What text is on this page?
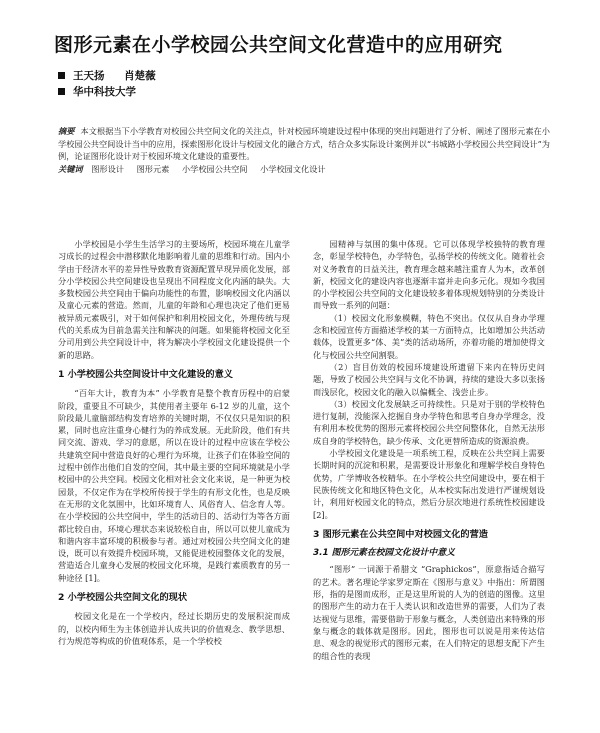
图形元素在小学校园公共空间文化营造中的应用研究
王天扬 肖楚薇
华中科技大学
摘要 本文根据当下小学教育对校园公共空间文化的关注点，针对校园环境建设过程中体现的突出问题进行了分析、阐述了图形元素在小学校园公共空间设计当中的应用，探索图形化设计与校园文化的融合方式，结合众多实际设计案例并以“书城路小学校园公共空间设计”为例，论证图形化设计对于校园环境文化建设的重要性。
关键词 图形设计 图形元素 小学校园公共空间 小学校园文化设计

小学校园是小学生生活学习的主要场所，校园环境在儿童学习成长的过程会中潜移默化地影响着儿童的思维和行动。国内小学由于经济水平的差异性导致教育资源配置早现异质化发展，部分小学校园公共空间建设也呈现出不同程度文化内涵的缺失。大多数校园公共空间由于偏向功能性的布置，影响校园文化内涵以及童心元素的营造。然而，儿童的年龄和心理也决定了他们更易被异质元素吸引，对于如何保护和利用校园文化，外理传统与现代的关系成为目前急需关注和解决的问题。如果能将校园文化至分司用到公共空间设计中，将为解决小学校园文化建设提供一个新的思路。

1 小学校园公共空间设计中文化建设的意义

“百年大计，教育为本” 小学教育是整个教育历程中的启蒙阶段，重要且不可缺少，其使用者主要年 6-12 岁的儿童，这个阶段最儿童脑部结构发育培养的关键时期，不仅仅只是知识的积累，同时也应注重身心健行为的养成发展。无此阶段，他们有共同交流、游戏、学习的意愿，所以在设计的过程中应该在学校公共建筑空间中营造良好的心理行为环境，让孩子们在体验空间的过程中创作出他们自发的空间，其中最主要的空间环境就是小学校园中的公共空间。校园文化相对社会文化来说，是一种更为校园景，不仅定作为在学校所传授于学生的有形文化性，也是反映在无形的文化氛围中，比如环境育人、风俗育人、信念育人等。在小学校园的公共空间中，学生的活动目的、活动行为等各方面都比较自由，环境心理状态来说较松自由，所以可以使儿童成为和谐内容丰富环境的积极参与者。通过对校园公共空间文化的建设，既可以有效提升校园环境，又能促进校园整体文化的发展，营造适合儿童身心发展的校园文化环境，是践行素质教育的另一种途径 [1]。

2 小学校园公共空间文化的现状

校园文化是在一个学校内，经过长期历史的发展积淀而成的，以校内师生为主体创造并认成共识的价值观念、教学思想、行为规范等构成的价值观体系，是一个学校校

园精神与氛围的集中体现。它可以体现学校独特的教育理念，彰显学校特色，办学特色，弘扬学校的传统文化。随着社会对义务教育的日益关注，教育理念越来越注重育人为本，改革创新，校园文化的建设内容也逐渐丰富并走向多元化。现如今我国的小学校园公共空间的文化建设较多着体现规划特别的分类设计而导致一系列的问题：

（1）校园文化形象模糊，特色不突出。仅仅从自身办学理念和校园宣传方面描述学校的某一方面特点，比如增加公共活动载体，设置更多“体、美”类的活动场所，亦着功能的增加使得文化与校园公共空间割裂。

（2）盲目仿效的校园环境建设所遗留下来内在特历史问题，导致了校园公共空间与文化不协调，持续的建设大多以张扬而浅层化，校园文化的融入以偏概全、浅尝止步。

（3）校园文化发展缺乏可持续性。只是对于别的学校特色进行复制，没能深入挖掘自身办学特色和思考自身办学理念，没有利用本校优势的图形元素将校园公共空间整体化，自然无法形成自身的学校特色，缺少传承、文化更替所造成的资源浪费。

小学校园文化建设是一项系统工程，反映在公共空间上需要长期时间的沉淀和积累，是需要设计形象化和理解学校自身特色优势，广学博收各校精华。在小学校公共空间建设中，要在相于民族传统文化和地区特色文化，从本校实际出发进行严谨规划设计，利用好校园文化的特点，然后分层次地进行系统性校园建设 [2]。

3 图形元素在公共空间中对校园文化的营造
3.1 图形元素在校园文化设计中意义

“图形” 一词源于希腊文 “Graphickos”，原意指适合描写的艺术。著名理论学家罗定斯在《图形与意义》中指出：所谓图形，指的是图而成形，正是这里所说的人为的创造的图像。这里的图形产生的动力在于人类认识和改造世界的需要，人们为了表达视觉与思维，需要借助于形象与概念，人类创造出来特殊的形象与概念的载体就是图形。因此，图形也可以说是用来传达信息、观念的视觉形式的图形元素，在人们特定的思想支配下产生的组合性的表现
